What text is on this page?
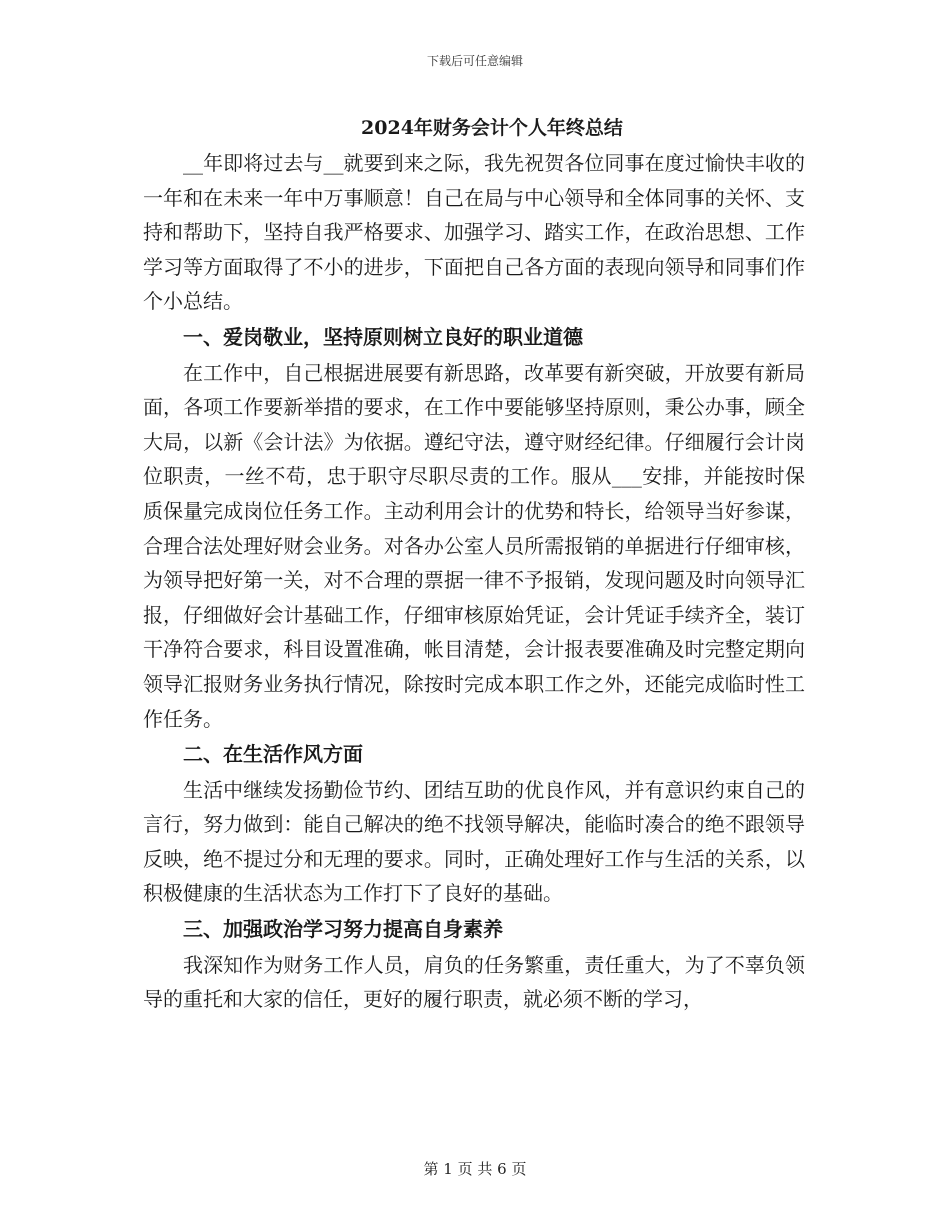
下载后可任意编辑
2024年财务会计个人年终总结

__年即将过去与__就要到来之际，我先祝贺各位同事在度过愉快丰收的一年和在未来一年中万事顺意！自己在局与中心领导和全体同事的关怀、支持和帮助下，坚持自我严格要求、加强学习、踏实工作，在政治思想、工作学习等方面取得了不小的进步，下面把自己各方面的表现向领导和同事们作个小总结。

一、爱岗敬业，坚持原则树立良好的职业道德

在工作中，自己根据进展要有新思路，改革要有新突破，开放要有新局面，各项工作要新举措的要求，在工作中要能够坚持原则，秉公办事，顾全大局，以新《会计法》为依据。遵纪守法，遵守财经纪律。仔细履行会计岗位职责，一丝不苟，忠于职守尽职尽责的工作。服从___安排，并能按时保质保量完成岗位任务工作。主动利用会计的优势和特长，给领导当好参谋，合理合法处理好财会业务。对各办公室人员所需报销的单据进行仔细审核，为领导把好第一关，对不合理的票据一律不予报销，发现问题及时向领导汇报，仔细做好会计基础工作，仔细审核原始凭证，会计凭证手续齐全，装订干净符合要求，科目设置准确，帐目清楚，会计报表要准确及时完整定期向领导汇报财务业务执行情况，除按时完成本职工作之外，还能完成临时性工作任务。

二、在生活作风方面

生活中继续发扬勤俭节约、团结互助的优良作风，并有意识约束自己的言行，努力做到：能自己解决的绝不找领导解决，能临时凑合的绝不跟领导反映，绝不提过分和无理的要求。同时，正确处理好工作与生活的关系，以积极健康的生活状态为工作打下了良好的基础。

三、加强政治学习努力提高自身素养

我深知作为财务工作人员，肩负的任务繁重，责任重大，为了不辜负领导的重托和大家的信任，更好的履行职责，就必须不断的学习，

第 1 页 共 6 页
